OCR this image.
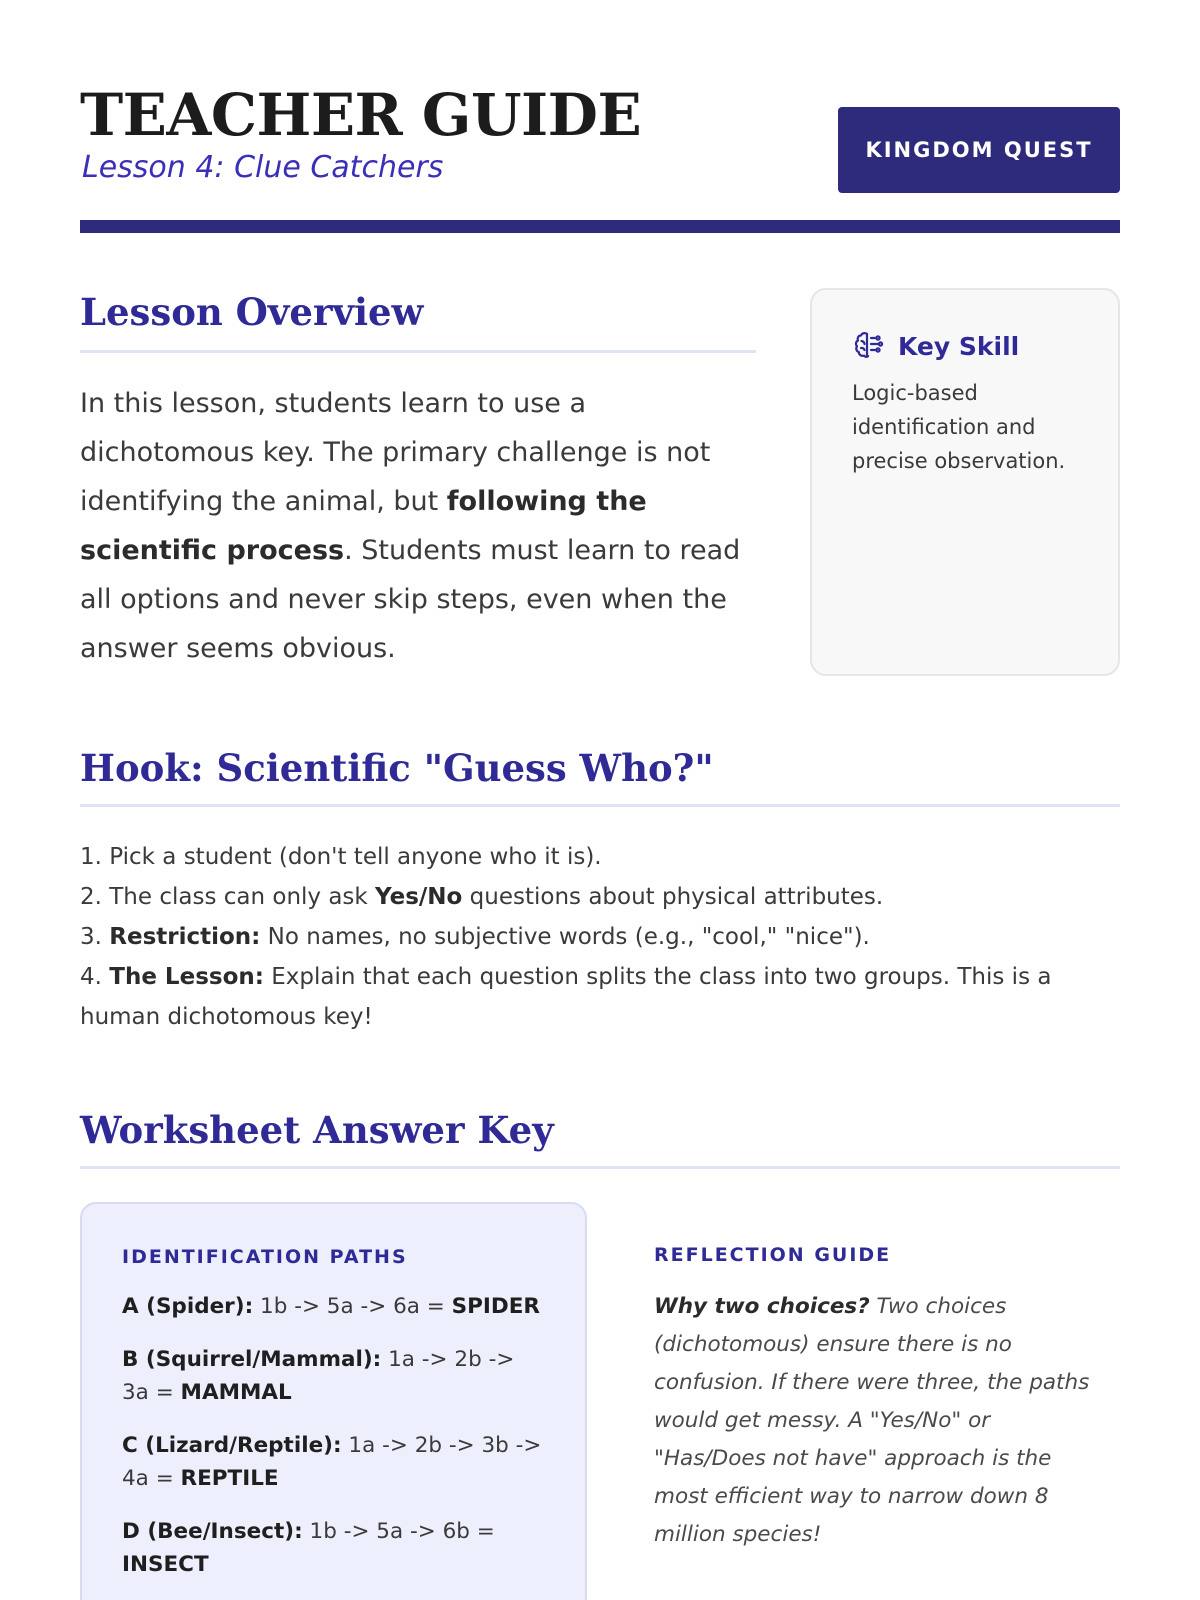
TEACHER GUIDE

Lesson 4: Clue Catchers	KINGDOM QUEST
Lesson Overview

In this lesson, students learn to use a dichotomous key. The primary challenge is not identifying the animal, but following the scientific process. Students must learn to read all options and never skip steps, even when the answer seems obvious.

Key Skill

Logic-based identification and precise observation.

Hook: Scientific "Guess Who?"
1. Pick a student (don't tell anyone who it is).
2. The class can only ask Yes/No questions about physical attributes.
3. Restriction: No names, no subjective words (e.g., "cool," "nice").
4. The Lesson: Explain that each question splits the class into two groups. This is a human dichotomous key!
Worksheet Answer Key

IDENTIFICATION PATHS

A (Spider): 1b -> 5a -> 6a = SPIDER

B (Squirrel/Mammal): 1a -> 2b -> 3a = MAMMAL

C (Lizard/Reptile): 1a -> 2b -> 3b -> 4a = REPTILE

D (Bee/Insect): 1b -> 5a -> 6b = INSECT

REFLECTION GUIDE

Why two choices? Two choices (dichotomous) ensure there is no confusion. If there were three, the paths would get messy. A "Yes/No" or "Has/Does not have" approach is the most efficient way to narrow down 8 million species!
